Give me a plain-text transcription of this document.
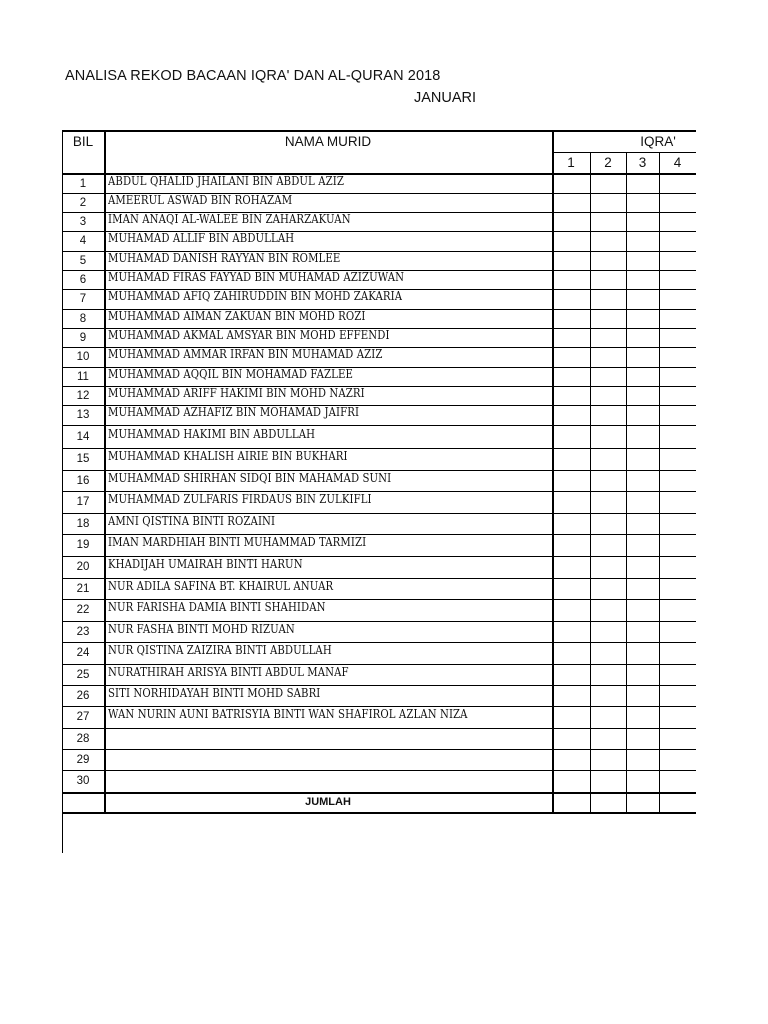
ANALISA REKOD BACAAN IQRA' DAN AL-QURAN 2018
JANUARI
BIL	NAMA MURID	IQRA'
1	2	3	4
1	ABDUL QHALID JHAILANI BIN ABDUL AZIZ
2	AMEERUL ASWAD BIN ROHAZAM
3	IMAN ANAQI AL-WALEE BIN ZAHARZAKUAN
4	MUHAMAD ALLIF BIN ABDULLAH
5	MUHAMAD DANISH RAYYAN BIN ROMLEE
6	MUHAMAD FIRAS FAYYAD BIN MUHAMAD AZIZUWAN
7	MUHAMMAD AFIQ ZAHIRUDDIN BIN MOHD ZAKARIA
8	MUHAMMAD AIMAN ZAKUAN BIN MOHD ROZI
9	MUHAMMAD AKMAL AMSYAR BIN MOHD EFFENDI
10	MUHAMMAD AMMAR IRFAN BIN MUHAMAD AZIZ
11	MUHAMMAD AQQIL BIN MOHAMAD FAZLEE
12	MUHAMMAD ARIFF HAKIMI BIN MOHD NAZRI
13	MUHAMMAD AZHAFIZ BIN MOHAMAD JAIFRI
14	MUHAMMAD HAKIMI BIN ABDULLAH
15	MUHAMMAD KHALISH AIRIE BIN BUKHARI
16	MUHAMMAD SHIRHAN SIDQI BIN MAHAMAD SUNI
17	MUHAMMAD ZULFARIS FIRDAUS BIN ZULKIFLI
18	AMNI QISTINA BINTI ROZAINI
19	IMAN MARDHIAH BINTI MUHAMMAD TARMIZI
20	KHADIJAH UMAIRAH BINTI HARUN
21	NUR ADILA SAFINA BT. KHAIRUL ANUAR
22	NUR FARISHA DAMIA BINTI SHAHIDAN
23	NUR FASHA BINTI MOHD RIZUAN
24	NUR QISTINA ZAIZIRA BINTI ABDULLAH
25	NURATHIRAH ARISYA BINTI ABDUL MANAF
26	SITI NORHIDAYAH BINTI MOHD SABRI
27	WAN NURIN AUNI BATRISYIA BINTI WAN SHAFIROL AZLAN NIZA
28
29
30
JUMLAH
